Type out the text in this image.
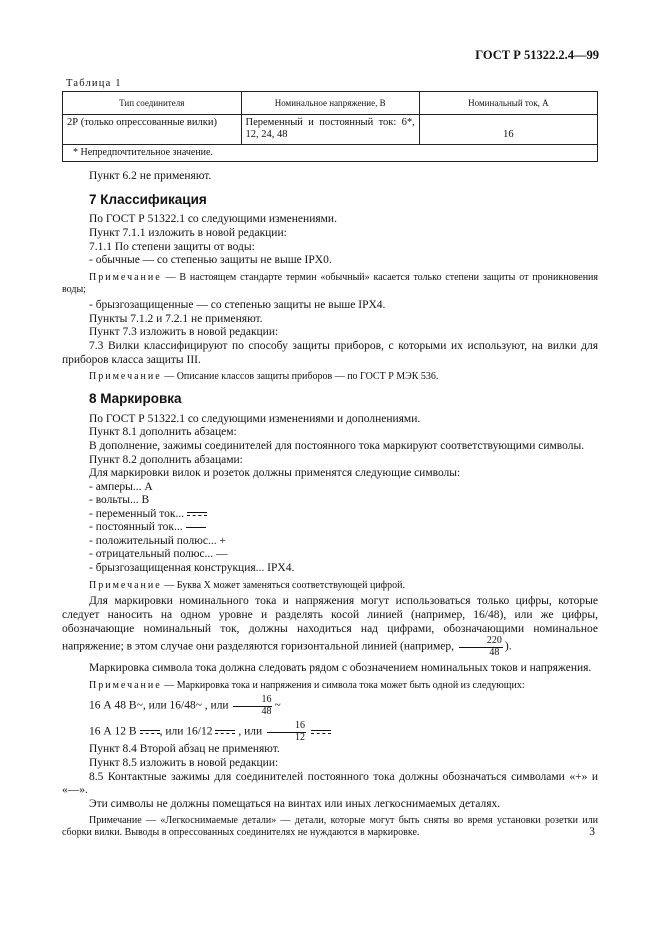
ГОСТ Р 51322.2.4—99
Таблица 1
Тип соединителя	Номинальное напряжение, В	Номинальный ток, А
2Р (только опрессованные вилки)	Переменный и постоянный ток: 6*, 12, 24, 48	16
* Непредпочтительное значение.		

Пункт 6.2 не применяют.

7 Классификация

По ГОСТ Р 51322.1 со следующими изменениями.

Пункт 7.1.1 изложить в новой редакции:

7.1.1 По степени защиты от воды:

- обычные — со степенью защиты не выше IPX0.

Примечание — В настоящем стандарте термин «обычный» касается только степени защиты от проникновения воды;

- брызгозащищенные — со степенью защиты не выше IPX4.

Пункты 7.1.2 и 7.2.1 не применяют.

Пункт 7.3 изложить в новой редакции:

7.3 Вилки классифицируют по способу защиты приборов, с которыми их используют, на вилки для приборов класса защиты III.

Примечание — Описание классов защиты приборов — по ГОСТ Р МЭК 536.

8 Маркировка

По ГОСТ Р 51322.1 со следующими изменениями и дополнениями.

Пункт 8.1 дополнить абзацем:

В дополнение, зажимы соединителей для постоянного тока маркируют соответствующими символы.

Пункт 8.2 дополнить абзацами:

Для маркировки вилок и розеток должны применятся следующие символы:

- амперы... А

- вольты... В

- переменный ток...

- постоянный ток...

- положительный полюс... +

- отрицательный полюс... —

- брызгозащищенная конструкция... IPX4.

Примечание — Буква Х может заменяться соответствующей цифрой.

Для маркировки номинального тока и напряжения могут использоваться только цифры, которые следует наносить на одном уровне и разделять косой линией (например, 16/48), или же цифры, обозначающие номинальный ток, должны находиться над цифрами, обозначающими номинальное напряжение; в этом случае они разделяются горизонтальной линией (например, $\frac{220}{48}$ ).

Маркировка символа тока должна следовать рядом с обозначением номинальных токов и напряжения.

Примечание — Маркировка тока и напряжения и символа тока может быть одной из следующих:

16 А 48 В~, или 16/48~ , или $\frac{16}{48}$ ~

16 А 12 В , или 16/12
, или $\frac{16}{12}$

Пункт 8.4 Второй абзац не применяют.

Пункт 8.5 изложить в новой редакции:

8.5 Контактные зажимы для соединителей постоянного тока должны обозначаться символами «+» и «—».

Эти символы не должны помещаться на винтах или иных легкоснимаемых деталях.

Примечание — «Легкоснимаемые детали» — детали, которые могут быть сняты во время установки розетки или сборки вилки. Выводы в опрессованных соединителях не нуждаются в маркировке.	3
